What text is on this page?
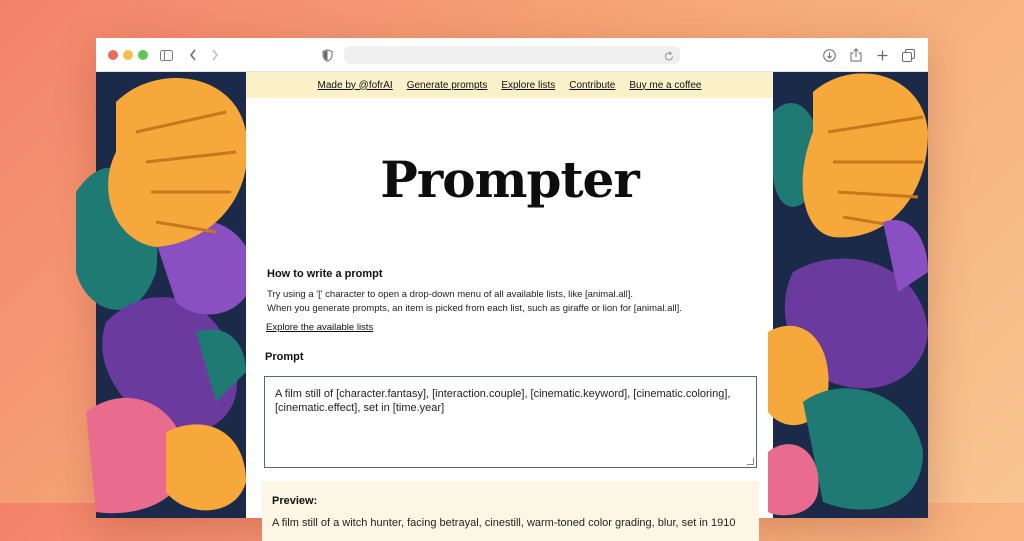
Made by @fofrAI Generate prompts Explore lists Contribute Buy me a coffee
Prompter
How to write a prompt
Try using a '[' character to open a drop-down menu of all available lists, like [animal.all].
When you generate prompts, an item is picked from each list, such as giraffe or lion for [animal.all].
Explore the available lists
Prompt
A film still of [character.fantasy], [interaction.couple], [cinematic.keyword], [cinematic.coloring], [cinematic.effect], set in [time.year]
Preview:
A film still of a witch hunter, facing betrayal, cinestill, warm-toned color grading, blur, set in 1910
